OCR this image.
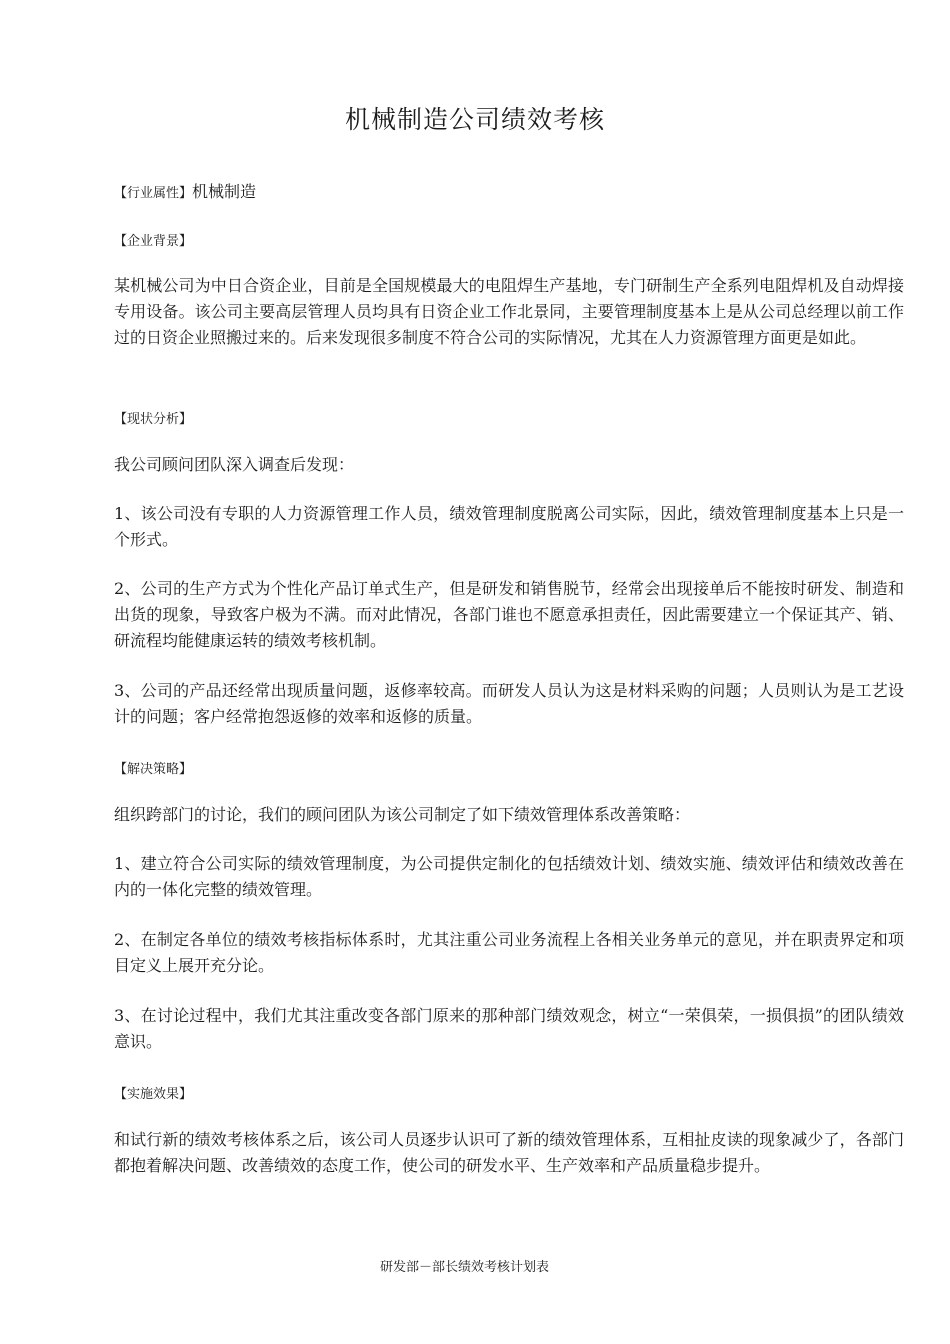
机械制造公司绩效考核
【行业属性】机械制造
【企业背景】

某机械公司为中日合资企业，目前是全国规模最大的电阻焊生产基地，专门研制生产全系列电阻焊机及自动焊接专用设备。该公司主要高层管理人员均具有日资企业工作北景同，主要管理制度基本上是从公司总经理以前工作过的日资企业照搬过来的。后来发现很多制度不符合公司的实际情况，尤其在人力资源管理方面更是如此。

【现状分析】

我公司顾问团队深入调查后发现：

1、该公司没有专职的人力资源管理工作人员，绩效管理制度脱离公司实际，因此，绩效管理制度基本上只是一个形式。

2、公司的生产方式为个性化产品订单式生产，但是研发和销售脱节，经常会出现接单后不能按时研发、制造和出货的现象，导致客户极为不满。而对此情况，各部门谁也不愿意承担责任，因此需要建立一个保证其产、销、研流程均能健康运转的绩效考核机制。

3、公司的产品还经常出现质量问题，返修率较高。而研发人员认为这是材料采购的问题；人员则认为是工艺设计的问题；客户经常抱怨返修的效率和返修的质量。

【解决策略】

组织跨部门的讨论，我们的顾问团队为该公司制定了如下绩效管理体系改善策略：

1、建立符合公司实际的绩效管理制度，为公司提供定制化的包括绩效计划、绩效实施、绩效评估和绩效改善在内的一体化完整的绩效管理。

2、在制定各单位的绩效考核指标体系时，尤其注重公司业务流程上各相关业务单元的意见，并在职责界定和项目定义上展开充分论。

3、在讨论过程中，我们尤其注重改变各部门原来的那种部门绩效观念，树立“一荣俱荣，一损俱损”的团队绩效意识。

【实施效果】

和试行新的绩效考核体系之后，该公司人员逐步认识可了新的绩效管理体系，互相扯皮读的现象减少了，各部门都抱着解决问题、改善绩效的态度工作，使公司的研发水平、生产效率和产品质量稳步提升。

研发部－部长绩效考核计划表
